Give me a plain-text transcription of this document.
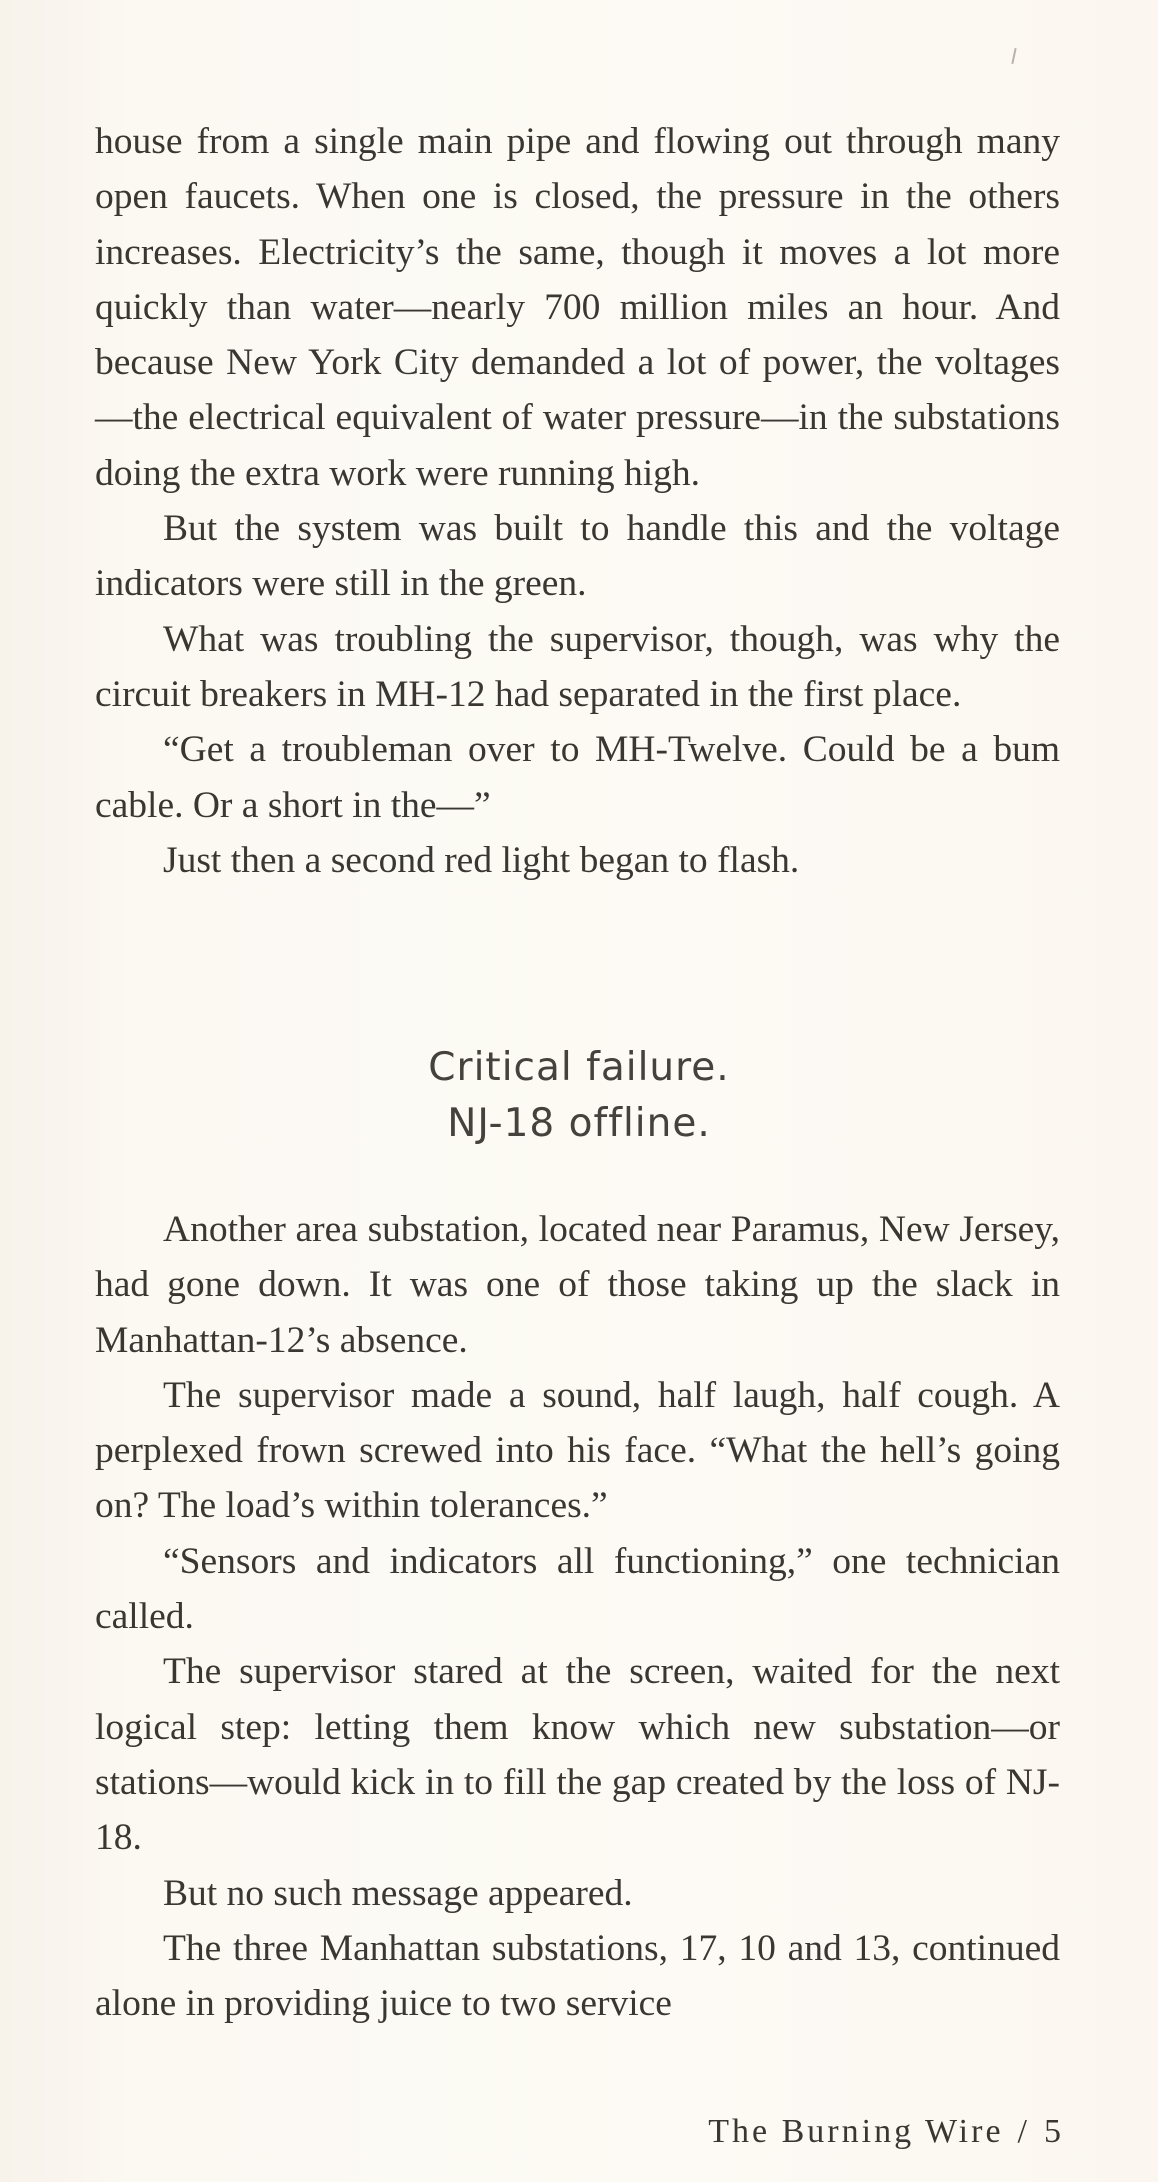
house from a single main pipe and flowing out through many open faucets. When one is closed, the pressure in the others increases. Electricity’s the same, though it moves a lot more quickly than water—nearly 700 million miles an hour. And because New York City demanded a lot of power, the voltages—the electrical equivalent of water pressure—in the substations doing the extra work were running high.

But the system was built to handle this and the voltage indicators were still in the green.

What was troubling the supervisor, though, was why the circuit breakers in MH-12 had separated in the first place.

“Get a troubleman over to MH-Twelve. Could be a bum cable. Or a short in the—”

Just then a second red light began to flash.

Critical failure.
NJ-18 offline.

Another area substation, located near Paramus, New Jersey, had gone down. It was one of those taking up the slack in Manhattan-12’s absence.

The supervisor made a sound, half laugh, half cough. A perplexed frown screwed into his face. “What the hell’s going on? The load’s within tolerances.”

“Sensors and indicators all functioning,” one technician called.

The supervisor stared at the screen, waited for the next logical step: letting them know which new substation—or stations—would kick in to fill the gap created by the loss of NJ-18.

But no such message appeared.

The three Manhattan substations, 17, 10 and 13, continued alone in providing juice to two service

The Burning Wire / 5
